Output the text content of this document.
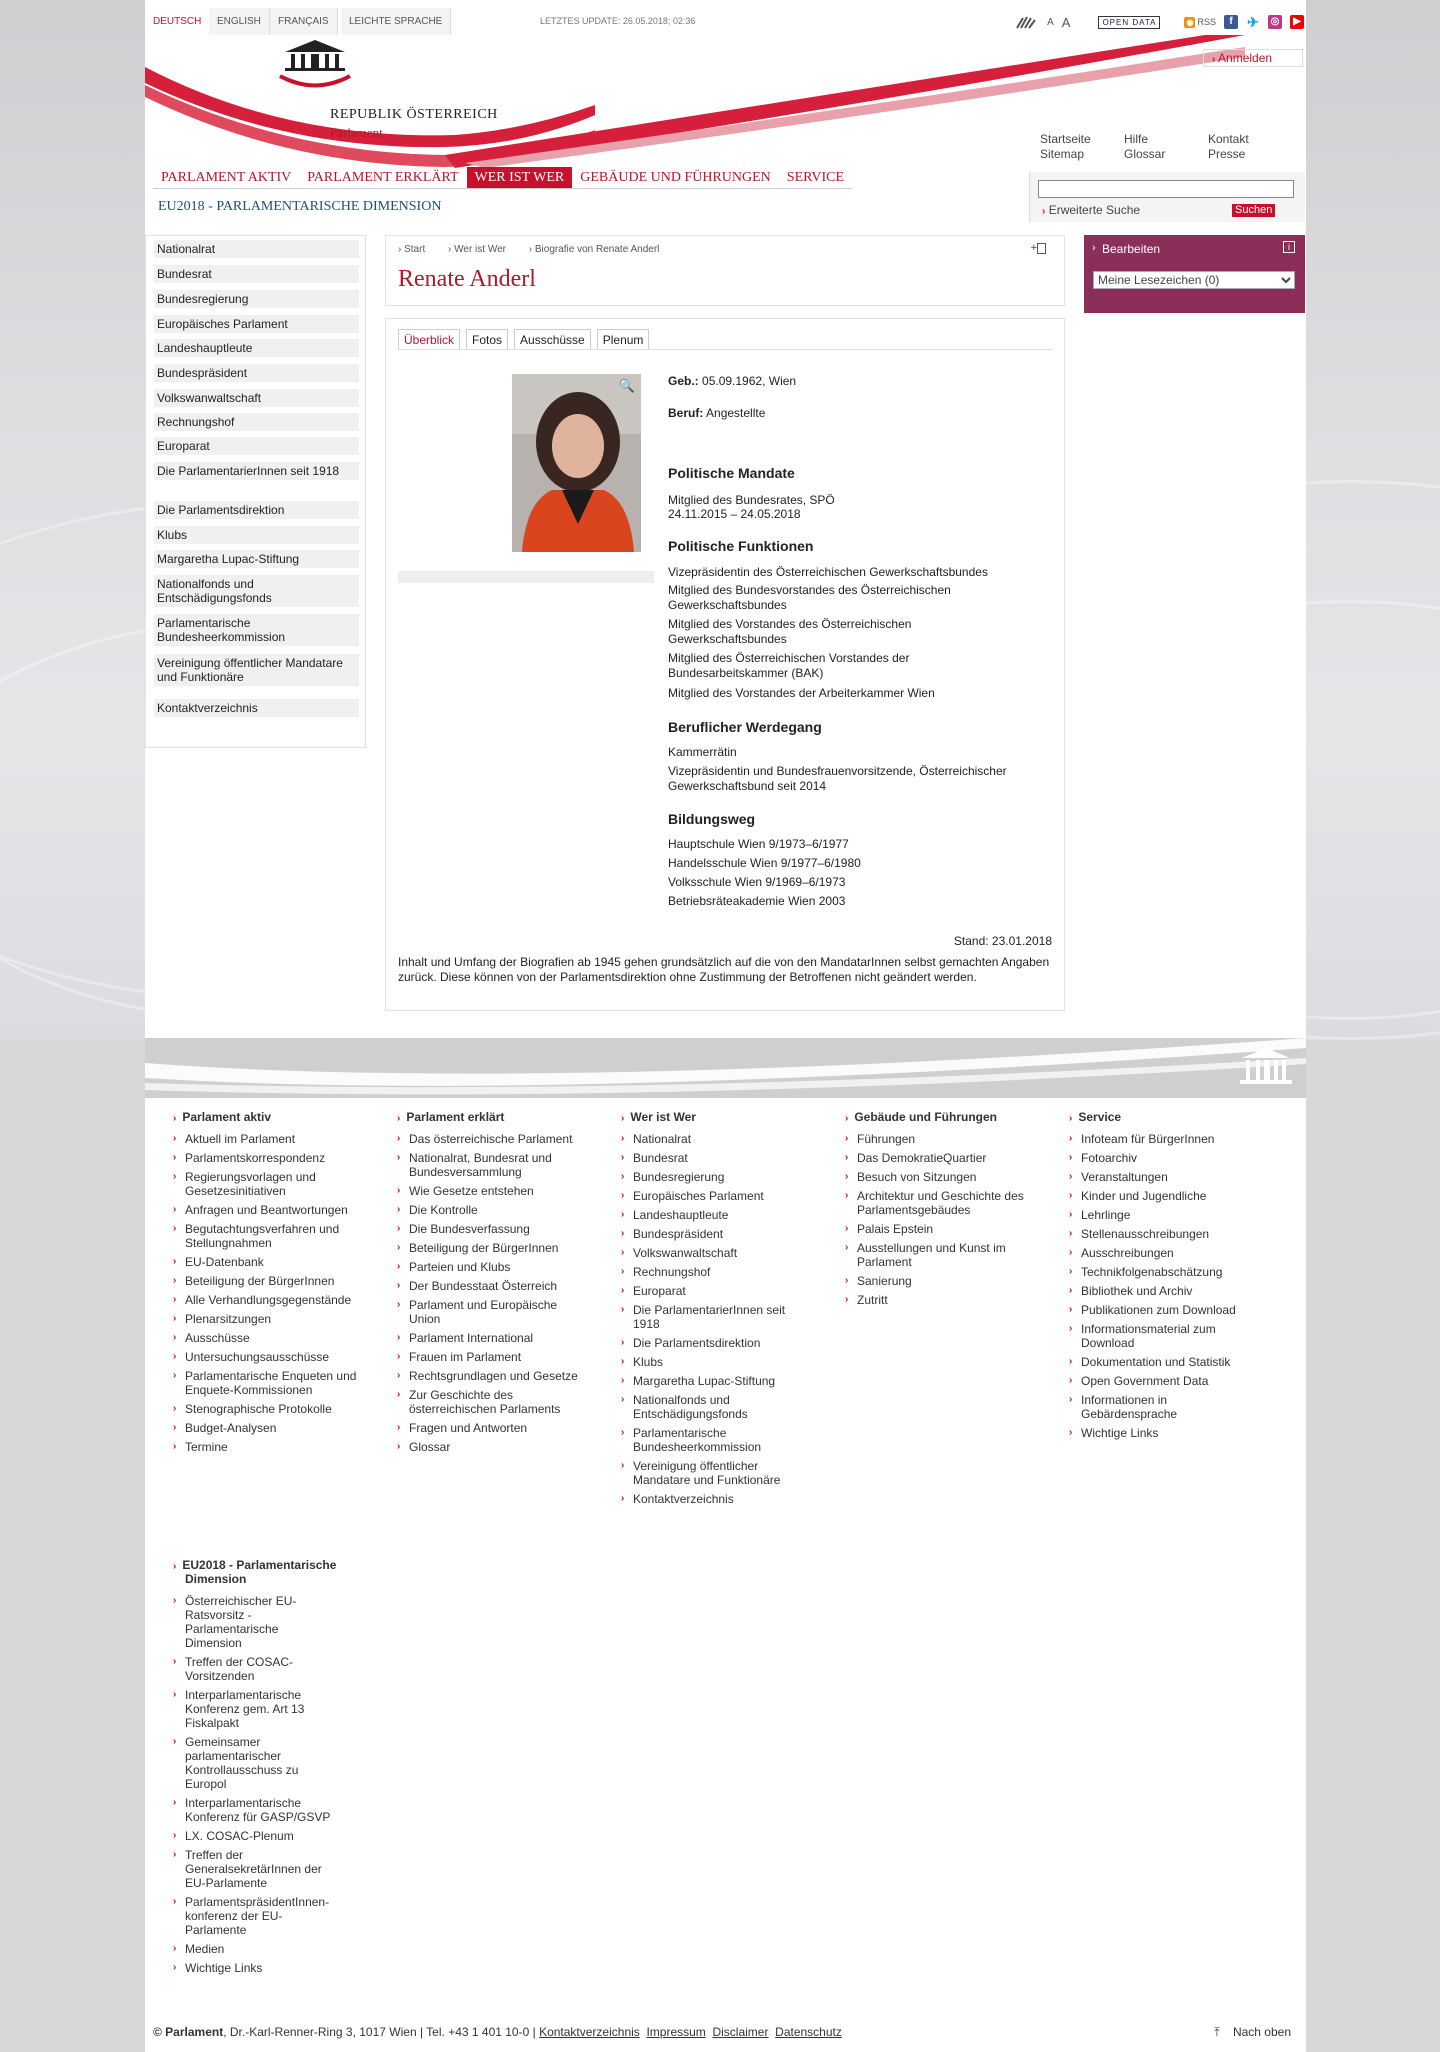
DEUTSCH	ENGLISH	FRANÇAIS	LEICHTE SPRACHE	LETZTES UPDATE: 26.05.2018; 02:36	A A	OPEN DATA	◉ RSS	f	✈ ◎	▶
REPUBLIK ÖSTERREICH
Parlament
› Anmelden
Startseite
Sitemap
Hilfe
Glossar
Kontakt
Presse
PARLAMENT AKTIV	PARLAMENT ERKLÄRT	WER IST WER	GEBÄUDE UND FÜHRUNGEN	SERVICE
EU2018 - PARLAMENTARISCHE DIMENSION	› Erweiterte Suche	Suchen
Nationalrat
Bundesrat
Bundesregierung
Europäisches Parlament
Landeshauptleute
Bundespräsident
Volkswanwaltschaft
Rechnungshof
Europarat
Die ParlamentarierInnen seit 1918
Die Parlamentsdirektion
Klubs
Margaretha Lupac-Stiftung
Nationalfonds und Entschädigungsfonds
Parlamentarische Bundesheerkommission
Vereinigung öffentlicher Mandatare und Funktionäre
Kontaktverzeichnis
› Start › Wer ist Wer › Biografie von Renate Anderl	+
Renate Anderl
Überblick	Fotos	Ausschüsse	Plenum
🔍	Geb.: 05.09.1962, Wien
Beruf: Angestellte
Politische Mandate
Mitglied des Bundesrates, SPÖ
24.11.2015 – 24.05.2018
Politische Funktionen
Vizepräsidentin des Österreichischen Gewerkschaftsbundes
Mitglied des Bundesvorstandes des Österreichischen Gewerkschaftsbundes
Mitglied des Vorstandes des Österreichischen Gewerkschaftsbundes
Mitglied des Österreichischen Vorstandes der Bundesarbeitskammer (BAK)
Mitglied des Vorstandes der Arbeiterkammer Wien
Beruflicher Werdegang
Kammerrätin
Vizepräsidentin und Bundesfrauenvorsitzende, Österreichischer Gewerkschaftsbund seit 2014
Bildungsweg
Hauptschule Wien 9/1973–6/1977
Handelsschule Wien 9/1977–6/1980
Volksschule Wien 9/1969–6/1973
Betriebsräteakademie Wien 2003
Stand: 23.01.2018
Inhalt und Umfang der Biografien ab 1945 gehen grundsätzlich auf die von den MandatarInnen selbst gemachten Angaben zurück. Diese können von der Parlamentsdirektion ohne Zustimmung der Betroffenen nicht geändert werden.
› Bearbeiten	i
Meine Lesezeichen (0)
› Parlament aktiv
› Aktuell im Parlament
› Parlamentskorrespondenz
› Regierungsvorlagen und Gesetzesinitiativen
› Anfragen und Beantwortungen
› Begutachtungsverfahren und Stellungnahmen
› EU-Datenbank
› Beteiligung der BürgerInnen
› Alle Verhandlungsgegenstände
› Plenarsitzungen
› Ausschüsse
› Untersuchungsausschüsse
› Parlamentarische Enqueten und Enquete-Kommissionen
› Stenographische Protokolle
› Budget-Analysen
› Termine
› Parlament erklärt
› Das österreichische Parlament
› Nationalrat, Bundesrat und Bundesversammlung
› Wie Gesetze entstehen
› Die Kontrolle
› Die Bundesverfassung
› Beteiligung der BürgerInnen
› Parteien und Klubs
› Der Bundesstaat Österreich
› Parlament und Europäische Union
› Parlament International
› Frauen im Parlament
› Rechtsgrundlagen und Gesetze
› Zur Geschichte des österreichischen Parlaments
› Fragen und Antworten
› Glossar
› Wer ist Wer
› Nationalrat
› Bundesrat
› Bundesregierung
› Europäisches Parlament
› Landeshauptleute
› Bundespräsident
› Volkswanwaltschaft
› Rechnungshof
› Europarat
› Die ParlamentarierInnen seit 1918
› Die Parlamentsdirektion
› Klubs
› Margaretha Lupac-Stiftung
› Nationalfonds und Entschädigungsfonds
› Parlamentarische Bundesheerkommission
› Vereinigung öffentlicher Mandatare und Funktionäre
› Kontaktverzeichnis
› Gebäude und Führungen
› Führungen
› Das DemokratieQuartier
› Besuch von Sitzungen
› Architektur und Geschichte des Parlamentsgebäudes
› Palais Epstein
› Ausstellungen und Kunst im Parlament
› Sanierung
› Zutritt
› Service
› Infoteam für BürgerInnen
› Fotoarchiv
› Veranstaltungen
› Kinder und Jugendliche
› Lehrlinge
› Stellenausschreibungen
› Ausschreibungen
› Technikfolgenabschätzung
› Bibliothek und Archiv
› Publikationen zum Download
› Informationsmaterial zum Download
› Dokumentation und Statistik
› Open Government Data
› Informationen in Gebärdensprache
› Wichtige Links
› EU2018 - Parlamentarische Dimension
› Österreichischer EU-Ratsvorsitz - Parlamentarische Dimension
› Treffen der COSAC-Vorsitzenden
› Interparlamentarische Konferenz gem. Art 13 Fiskalpakt
› Gemeinsamer parlamentarischer Kontrollausschuss zu Europol
› Interparlamentarische Konferenz für GASP/GSVP
› LX. COSAC-Plenum
› Treffen der GeneralsekretärInnen der EU-Parlamente
› ParlamentspräsidentInnen-konferenz der EU-Parlamente
› Medien
› Wichtige Links
© Parlament, Dr.-Karl-Renner-Ring 3, 1017 Wien | Tel. +43 1 401 10-0 | Kontaktverzeichnis Impressum Disclaimer Datenschutz	⤒ Nach oben
